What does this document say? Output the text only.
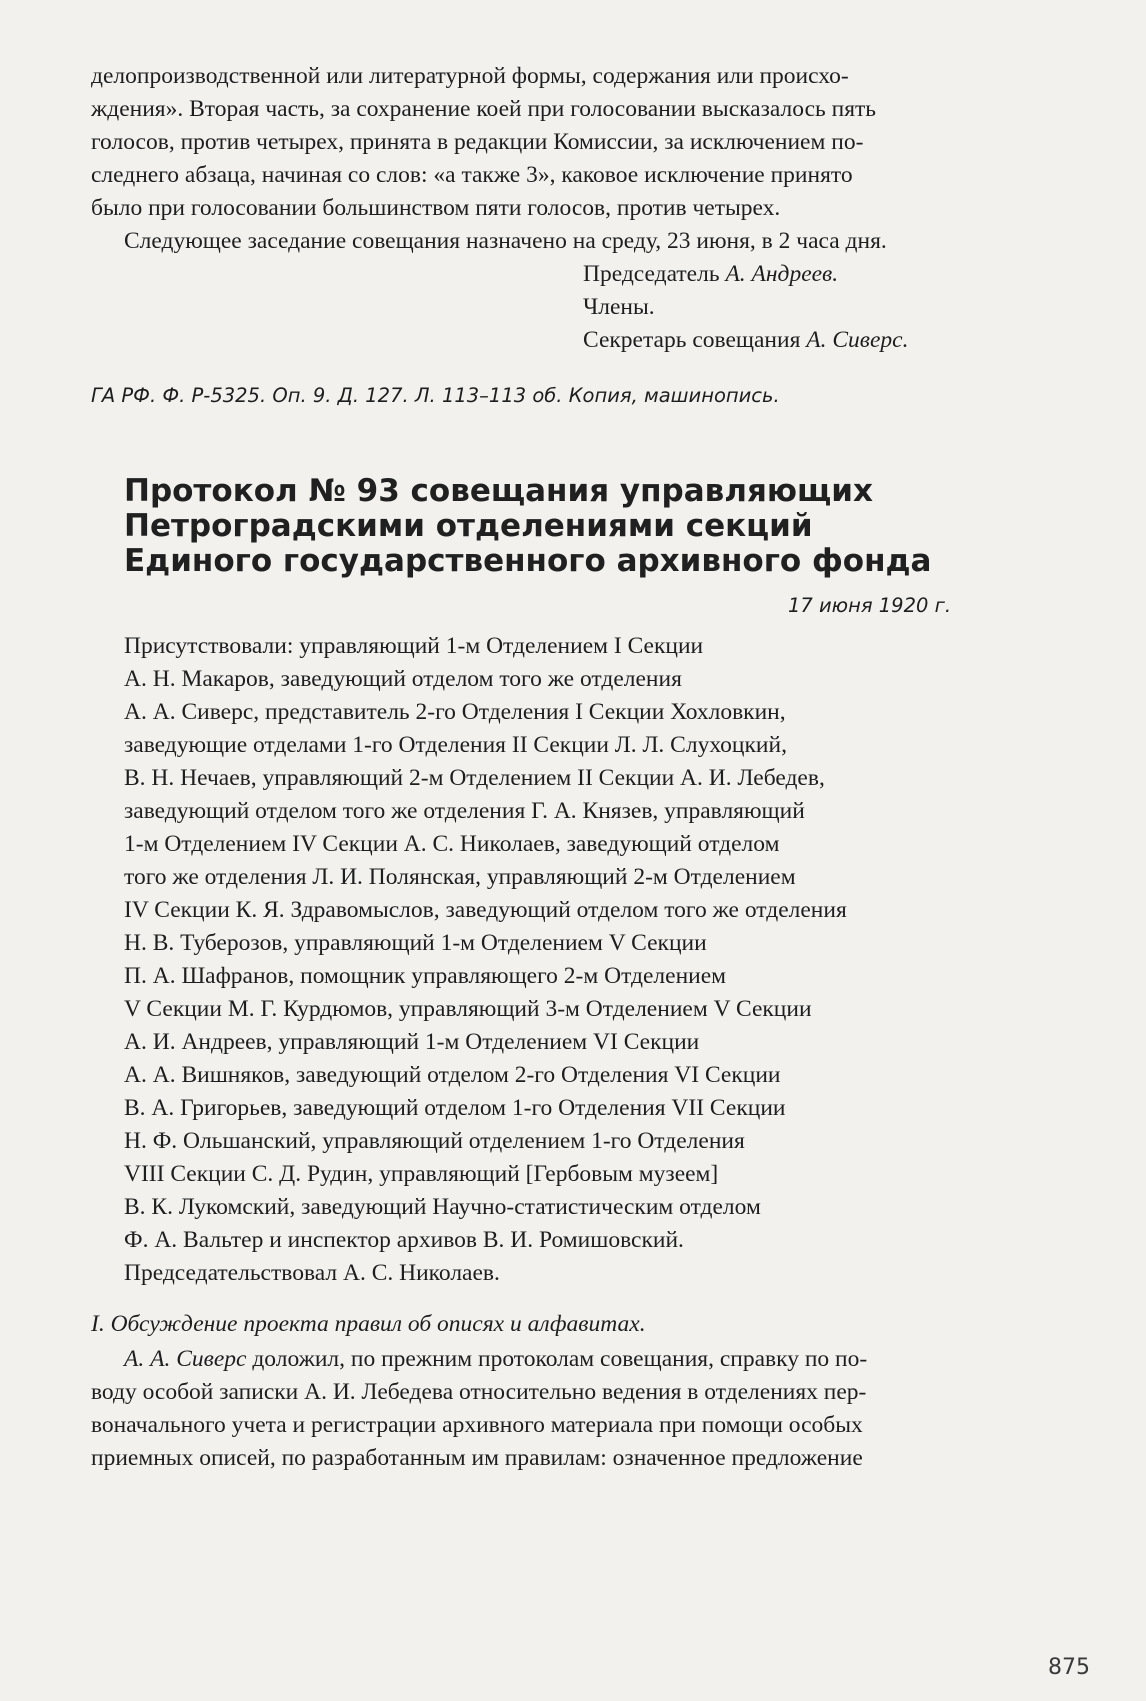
делопроизводственной или литературной формы, содержания или происхо-

ждения». Вторая часть, за сохранение коей при голосовании высказалось пять

голосов, против четырех, принята в редакции Комиссии, за исключением по-

следнего абзаца, начиная со слов: «а также 3», каковое исключение принято

было при голосовании большинством пяти голосов, против четырех.

Следующее заседание совещания назначено на среду, 23 июня, в 2 часа дня.

Председатель А. Андреев.

Члены.

Секретарь совещания А. Сиверс.

ГА РФ. Ф. Р-5325. Оп. 9. Д. 127. Л. 113–113 об. Копия, машинопись.

Протокол № 93 совещания управляющих
Петроградскими отделениями секций
Единого государственного архивного фонда

17 июня 1920 г.

Присутствовали: управляющий 1-м Отделением I Секции

А. Н. Макаров, заведующий отделом того же отделения

А. А. Сиверс, представитель 2-го Отделения I Секции Хохловкин,

заведующие отделами 1-го Отделения II Секции Л. Л. Слухоцкий,

В. Н. Нечаев, управляющий 2-м Отделением II Секции А. И. Лебедев,

заведующий отделом того же отделения Г. А. Князев, управляющий

1-м Отделением IV Секции А. С. Николаев, заведующий отделом

того же отделения Л. И. Полянская, управляющий 2-м Отделением

IV Секции К. Я. Здравомыслов, заведующий отделом того же отделения

Н. В. Туберозов, управляющий 1-м Отделением V Секции

П. А. Шафранов, помощник управляющего 2-м Отделением

V Секции М. Г. Курдюмов, управляющий 3-м Отделением V Секции

А. И. Андреев, управляющий 1-м Отделением VI Секции

А. А. Вишняков, заведующий отделом 2-го Отделения VI Секции

В. А. Григорьев, заведующий отделом 1-го Отделения VII Секции

Н. Ф. Ольшанский, управляющий отделением 1-го Отделения

VIII Секции С. Д. Рудин, управляющий [Гербовым музеем]

В. К. Лукомский, заведующий Научно-статистическим отделом

Ф. А. Вальтер и инспектор архивов В. И. Ромишовский.

Председательствовал А. С. Николаев.

I. Обсуждение проекта правил об описях и алфавитах.

А. А. Сиверс доложил, по прежним протоколам совещания, справку по по-

воду особой записки А. И. Лебедева относительно ведения в отделениях пер-

воначального учета и регистрации архивного материала при помощи особых

приемных описей, по разработанным им правилам: означенное предложение

875
